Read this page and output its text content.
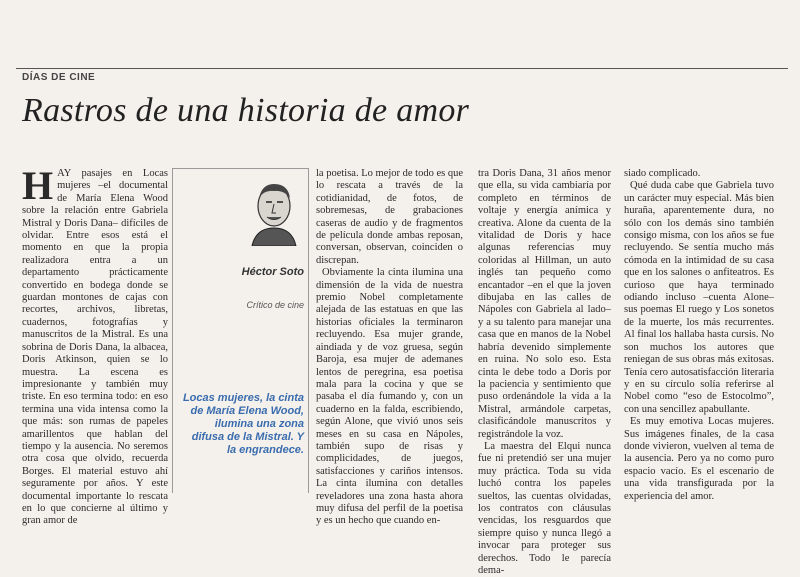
DÍAS DE CINE
Rastros de una historia de amor
HAY pasajes en Locas mujeres –el documental de María Elena Wood sobre la relación entre Gabriela Mistral y Doris Dana– difíciles de olvidar. Entre esos está el momento en que la propia realizadora entra a un departamento prácticamente convertido en bodega donde se guardan montones de cajas con recortes, archivos, libretas, cuadernos, fotografías y manuscritos de la Mistral. Es una sobrina de Doris Dana, la albacea, Doris Atkinson, quien se lo muestra. La escena es impresionante y también muy triste. En eso termina todo: en eso termina una vida intensa como la que más: son rumas de papeles amarillentos que hablan del tiempo y la ausencia. No seremos otra cosa que olvido, recuerda Borges. El material estuvo ahí seguramente por años. Y este documental importante lo rescata en lo que concierne al último y gran amor de
Héctor Soto
Crítico de cine
Locas mujeres, la cinta de María Elena Wood, ilumina una zona difusa de la Mistral. Y la engrandece.

la poetisa. Lo mejor de todo es que lo rescata a través de la cotidianidad, de fotos, de sobremesas, de grabaciones caseras de audio y de fragmentos de película donde ambas reposan, conversan, observan, coinciden o discrepan.

Obviamente la cinta ilumina una dimensión de la vida de nuestra premio Nobel completamente alejada de las estatuas en que las historias oficiales la terminaron recluyendo. Esa mujer grande, aindiada y de voz gruesa, según Baroja, esa mujer de ademanes lentos de peregrina, esa poetisa mala para la cocina y que se pasaba el día fumando y, con un cuaderno en la falda, escribiendo, según Alone, que vivió unos seis meses en su casa en Nápoles, también supo de risas y complicidades, de juegos, satisfacciones y cariños intensos. La cinta ilumina con detalles reveladores una zona hasta ahora muy difusa del perfil de la poetisa y es un hecho que cuando en-

tra Doris Dana, 31 años menor que ella, su vida cambiaría por completo en términos de voltaje y energía anímica y creativa. Alone da cuenta de la vitalidad de Doris y hace algunas referencias muy coloridas al Hillman, un auto inglés tan pequeño como encantador –en el que la joven dibujaba en las calles de Nápoles con Gabriela al lado– y a su talento para manejar una casa que en manos de la Nobel habría devenido simplemente en ruina. No solo eso. Esta cinta le debe todo a Doris por la paciencia y sentimiento que puso ordenándole la vida a la Mistral, armándole carpetas, clasificándole manuscritos y registrándole la voz.

La maestra del Elqui nunca fue ni pretendió ser una mujer muy práctica. Toda su vida luchó contra los papeles sueltos, las cuentas olvidadas, los contratos con cláusulas vencidas, los resguardos que siempre quiso y nunca llegó a invocar para proteger sus derechos. Todo le parecía dema-

siado complicado.

Qué duda cabe que Gabriela tuvo un carácter muy especial. Más bien huraña, aparentemente dura, no sólo con los demás sino también consigo misma, con los años se fue recluyendo. Se sentía mucho más cómoda en la intimidad de su casa que en los salones o anfiteatros. Es curioso que haya terminado odiando incluso –cuenta Alone– sus poemas El ruego y Los sonetos de la muerte, los más recurrentes. Al final los hallaba hasta cursis. No son muchos los autores que reniegan de sus obras más exitosas. Tenía cero autosatisfacción literaria y en su círculo solía referirse al Nobel como “eso de Estocolmo”, con una sencillez apabullante.

Es muy emotiva Locas mujeres. Sus imágenes finales, de la casa donde vivieron, vuelven al tema de la ausencia. Pero ya no como puro espacio vacío. Es el escenario de una vida transfigurada por la experiencia del amor.
